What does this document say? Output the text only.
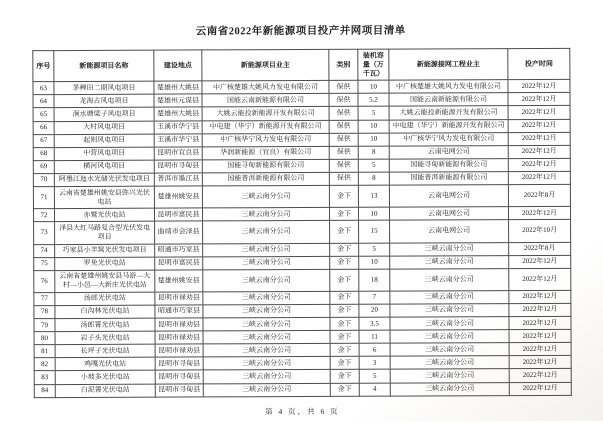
云南省2022年新能源项目投产并网项目清单
序号	新能源项目名称	建设地点	新能源项目业主	类别	装机容量（万千瓦）	新能源接网工程业主	投产时间
63	茅稗田二期风电项目	楚雄州大姚县	中广核楚雄大姚风力发电有限公司	保供	10	中广核楚雄大姚风力发电有限公司	2022年12月
64	龙海古风电项目	楚雄州元谋县	国能云南新能源有限公司	保供	5.2	国能云南新能源有限公司	2022年12月
65	涧水塘梁子风电项目	楚雄州大姚县	大姚云能投新能源开发有限公司	保供	5	大姚云能投新能源开发有限公司	2022年12月
66	大村风电项目	玉溪市华宁县	中电建（华宁）新能源开发有限公司	保供	10	中电建（华宁）新能源开发有限公司	2022年12月
67	起则风电项目	玉溪市华宁县	中广核华宁风力发电有限公司	保供	10	中广核华宁风力发电有限公司	2022年12月
68	中营风电项目	昆明市宜良县	华润新能源（宜良）有限公司	保供	8	云南电网公司	2022年12月
69	横河风电项目	昆明市寻甸县	国能寻甸新能源有限公司	保供	5	国能寻甸新能源有限公司	2022年12月
70	阿墨江迤水光储光伏发电项目	普洱市墨江县	国能普洱新能源有限公司	保供	8	国能普洱新能源有限公司	2022年12月
71	云南省楚雄州姚安县弥兴光伏电站	楚雄州姚安县	三峡云南分公司	金下	13	云南电网公司	2022年8月
72	赤鹫光伏电站	昆明市富民县	三峡云南分公司	金下	10	云南电网公司	2022年12月
73	泽县大红马路复合型光伏发电项目	曲靖市会泽县	三峡云南分公司	金下	15	云南电网公司	2022年10月
74	巧家县小羊窝光伏发电项目	昭通市巧家县	三峡云南分公司	金下	5	三峡云南分公司	2022年8月
75	罗免光伏电站	昆明市富民县	三峡云南分公司	金下	10	三峡云南分公司	2022年12月
76	云南省楚雄州姚安县马游—大村—小邑—大新庄光伏电站	楚雄州姚安县	三峡云南分公司	金下	18	三峡云南分公司	2022年12月
77	汤郎光伏电站	昆明市禄劝县	三峡云南分公司	金下	7	三峡云南分公司	2022年12月
78	白沟林光伏电站	昭通市巧家县	三峡云南分公司	金下	20	三峡云南分公司	2022年12月
79	汤郎箐光伏电站	昆明市禄劝县	三峡云南分公司	金下	3.5	三峡云南分公司	2022年12月
80	岩子头光伏电站	昆明市禄劝县	三峡云南分公司	金下	11	三峡云南分公司	2022年12月
81	长坪子光伏电站	昆明市禄劝县	三峡云南分公司	金下	6	三峡云南分公司	2022年12月
82	鸡嘎光伏电站	昆明市寻甸县	三峡云南分公司	金下	3	三峡云南分公司	2022年12月
83	小坡多光伏电站	昆明市寻甸县	三峡云南分公司	金下	5	三峡云南分公司	2022年12月
84	白泥箐光伏电站	昆明市寻甸县	三峡云南分公司	金下	4	三峡云南分公司	2022年12月
第 4 页，共 6 页
